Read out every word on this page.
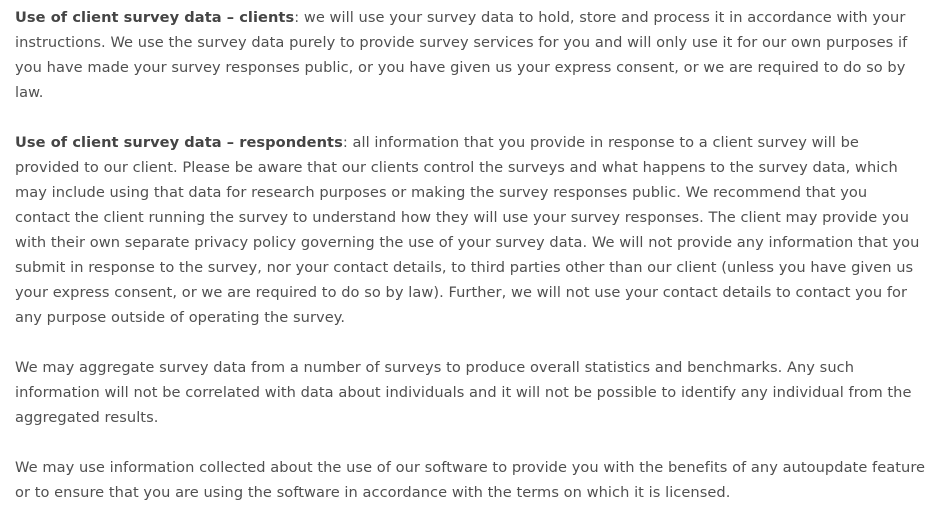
Use of client survey data – clients: we will use your survey data to hold, store and process it in accordance with your instructions. We use the survey data purely to provide survey services for you and will only use it for our own purposes if you have made your survey responses public, or you have given us your express consent, or we are required to do so by law.

Use of client survey data – respondents: all information that you provide in response to a client survey will be provided to our client. Please be aware that our clients control the surveys and what happens to the survey data, which may include using that data for research purposes or making the survey responses public. We recommend that you contact the client running the survey to understand how they will use your survey responses. The client may provide you with their own separate privacy policy governing the use of your survey data. We will not provide any information that you submit in response to the survey, nor your contact details, to third parties other than our client (unless you have given us your express consent, or we are required to do so by law). Further, we will not use your contact details to contact you for any purpose outside of operating the survey.

We may aggregate survey data from a number of surveys to produce overall statistics and benchmarks. Any such information will not be correlated with data about individuals and it will not be possible to identify any individual from the aggregated results.

We may use information collected about the use of our software to provide you with the benefits of any autoupdate feature or to ensure that you are using the software in accordance with the terms on which it is licensed.
